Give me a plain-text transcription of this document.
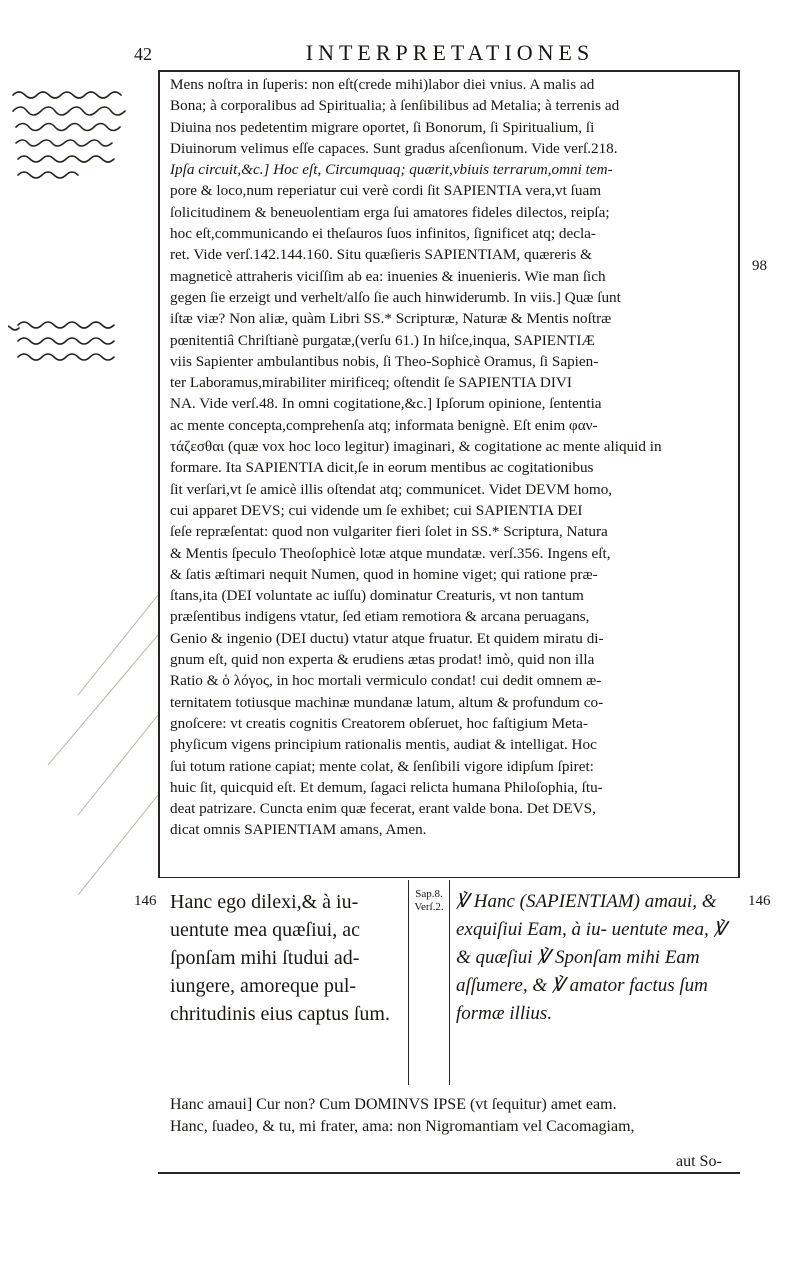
42	INTERPRETATIONES
98

Mens noſtra in ſuperis: non eſt(crede mihi)labor diei vnius. A malis ad

Bona; à corporalibus ad Spiritualia; à ſenſibilibus ad Metalia; à terrenis ad

Diuina nos pedetentim migrare oportet, ſi Bonorum, ſi Spiritualium, ſi

Diuinorum velimus eſſe capaces. Sunt gradus aſcenſionum. Vide verſ.218.

Ipſa circuit,&c.] Hoc eſt, Circumquaq; quærit,vbiuis terrarum,omni tem-

pore & loco,num reperiatur cui verè cordi ſit SAPIENTIA vera,vt ſuam

ſolicitudinem & beneuolentiam erga ſui amatores fideles dilectos, reipſa;

hoc eſt,communicando ei theſauros ſuos infinitos, ſignificet atq; decla-

ret. Vide verſ.142.144.160. Situ quæſieris SAPIENTIAM, quæreris &

magneticè attraheris viciſſim ab ea: inuenies & inuenieris. Wie man ſich

gegen ſie erzeigt und verhelt/alſo ſie auch hinwiderumb. In viis.] Quæ ſunt

iſtæ viæ? Non aliæ, quàm Libri SS.* Scripturæ, Naturæ & Mentis noſtræ

pœnitentiâ Chriſtianè purgatæ,(verſu 61.) In hiſce,inqua, SAPIENTIÆ

viis Sapienter ambulantibus nobis, ſi Theo-Sophicè Oramus, ſi Sapien-

ter Laboramus,mirabiliter mirificeq; oſtendit ſe SAPIENTIA DIVI

NA. Vide verſ.48. In omni cogitatione,&c.] Ipſorum opinione, ſententia

ac mente concepta,comprehenſa atq; informata benignè. Eſt enim φαν-

τάζεσθαι (quæ vox hoc loco legitur) imaginari, & cogitatione ac mente aliquid in

formare. Ita SAPIENTIA dicit,ſe in eorum mentibus ac cogitationibus

ſit verſari,vt ſe amicè illis oſtendat atq; communicet. Videt DEVM homo,

cui apparet DEVS; cui vidende um ſe exhibet; cui SAPIENTIA DEI

ſeſe repræſentat: quod non vulgariter fieri ſolet in SS.* Scriptura, Natura

& Mentis ſpeculo Theoſophicè lotæ atque mundatæ. verſ.356. Ingens eſt,

& ſatis æſtimari nequit Numen, quod in homine viget; qui ratione præ-

ſtans,ita (DEI voluntate ac iuſſu) dominatur Creaturis, vt non tantum

præſentibus indigens vtatur, ſed etiam remotiora & arcana peruagans,

Genio & ingenio (DEI ductu) vtatur atque fruatur. Et quidem miratu di-

gnum eſt, quid non experta & erudiens ætas prodat! imò, quid non illa

Ratio & ὁ λόγος, in hoc mortali vermiculo condat! cui dedit omnem æ-

ternitatem totiusque machinæ mundanæ latum, altum & profundum co-

gnoſcere: vt creatis cognitis Creatorem obſeruet, hoc faſtigium Meta-

phyſicum vigens principium rationalis mentis, audiat & intelligat. Hoc

ſui totum ratione capiat; mente colat, & ſenſibili vigore idipſum ſpiret:

huic ſit, quicquid eſt. Et demum, ſagaci relicta humana Philoſophia, ſtu-

deat patrizare. Cuncta enim quæ fecerat, erant valde bona. Det DEVS,

dicat omnis SAPIENTIAM amans, Amen.

146	146
Hanc ego dilexi,& à iu- uentute mea quæſiui, ac ſponſam mihi ſtudui ad- iungere, amoreque pul- chritudinis eius captus ſum.
Sap.8. Verſ.2. ℣ Hanc (SAPIENTIAM) amaui, & exquiſiui Eam, à iu- uentute mea, ℣ & quæſiui ℣ Sponſam mihi Eam aſſumere, & ℣ amator factus ſum formæ illius.
Hanc amaui] Cur non? Cum DOMINVS IPSE (vt ſequitur) amet eam.
Hanc, ſuadeo, & tu, mi frater, ama: non Nigromantiam vel Cacomagiam,
aut So-
